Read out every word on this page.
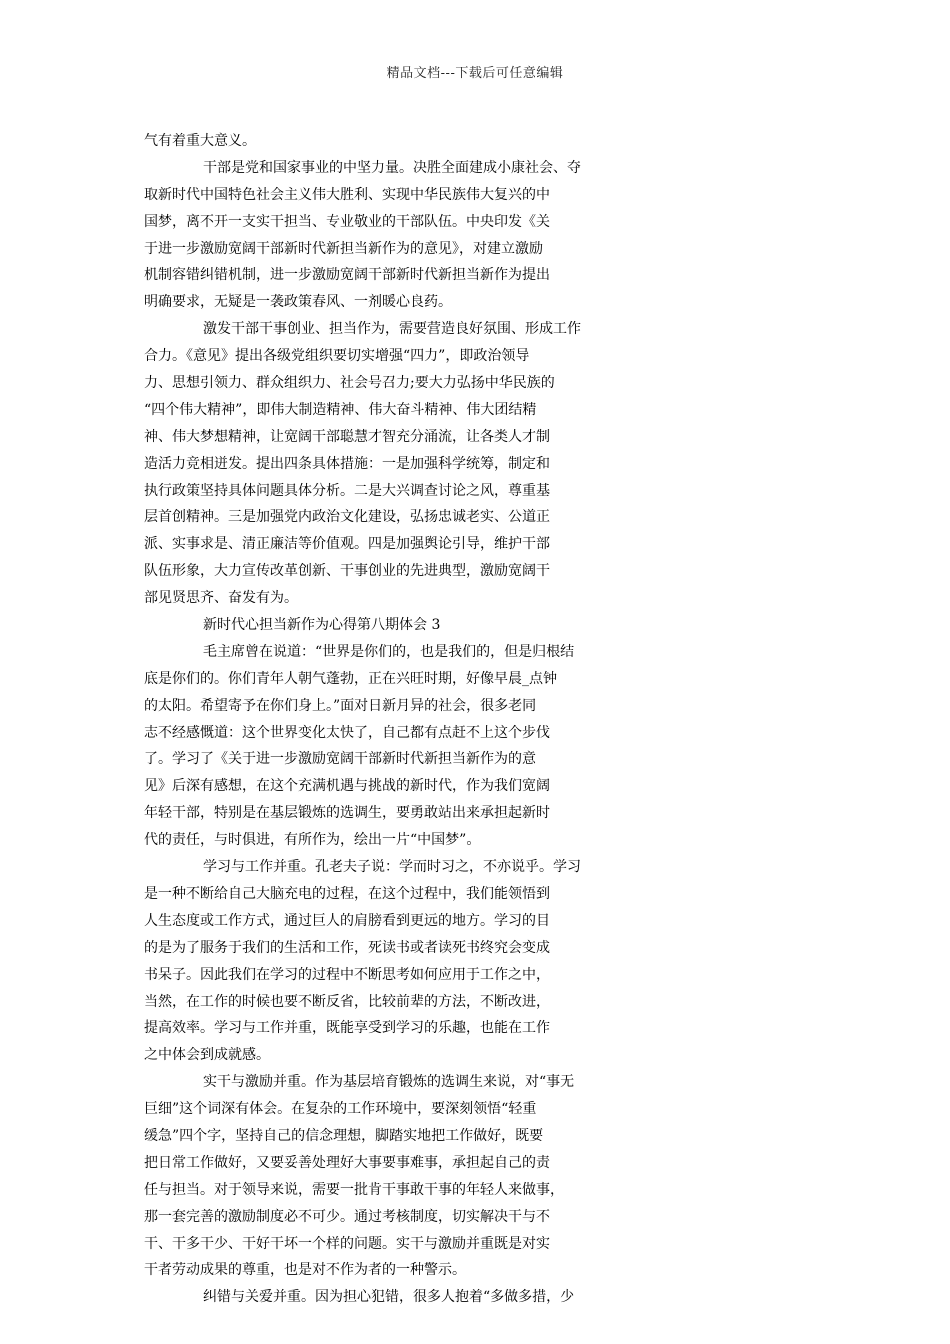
精品文档---下载后可任意编辑
气有着重大意义。
干部是党和国家事业的中坚力量。决胜全面建成小康社会、夺
取新时代中国特色社会主义伟大胜利、实现中华民族伟大复兴的中
国梦，离不开一支实干担当、专业敬业的干部队伍。中央印发《关
于进一步激励宽阔干部新时代新担当新作为的意见》，对建立激励
机制容错纠错机制，进一步激励宽阔干部新时代新担当新作为提出
明确要求，无疑是一袭政策春风、一剂暖心良药。
激发干部干事创业、担当作为，需要营造良好氛围、形成工作
合力。《意见》提出各级党组织要切实增强“四力”，即政治领导
力、思想引领力、群众组织力、社会号召力;要大力弘扬中华民族的
“四个伟大精神”，即伟大制造精神、伟大奋斗精神、伟大团结精
神、伟大梦想精神，让宽阔干部聪慧才智充分涌流，让各类人才制
造活力竞相迸发。提出四条具体措施：一是加强科学统筹，制定和
执行政策坚持具体问题具体分析。二是大兴调查讨论之风，尊重基
层首创精神。三是加强党内政治文化建设，弘扬忠诚老实、公道正
派、实事求是、清正廉洁等价值观。四是加强舆论引导，维护干部
队伍形象，大力宣传改革创新、干事创业的先进典型，激励宽阔干
部见贤思齐、奋发有为。
新时代心担当新作为心得第八期体会 3
毛主席曾在说道：“世界是你们的，也是我们的，但是归根结
底是你们的。你们青年人朝气蓬勃，正在兴旺时期，好像早晨_点钟
的太阳。希望寄予在你们身上。”面对日新月异的社会，很多老同
志不经感慨道：这个世界变化太快了，自己都有点赶不上这个步伐
了。学习了《关于进一步激励宽阔干部新时代新担当新作为的意
见》后深有感想，在这个充满机遇与挑战的新时代，作为我们宽阔
年轻干部，特别是在基层锻炼的选调生，要勇敢站出来承担起新时
代的责任，与时俱进，有所作为，绘出一片“中国梦”。
学习与工作并重。孔老夫子说：学而时习之，不亦说乎。学习
是一种不断给自己大脑充电的过程，在这个过程中，我们能领悟到
人生态度或工作方式，通过巨人的肩膀看到更远的地方。学习的目
的是为了服务于我们的生活和工作，死读书或者读死书终究会变成
书呆子。因此我们在学习的过程中不断思考如何应用于工作之中，
当然，在工作的时候也要不断反省，比较前辈的方法，不断改进，
提高效率。学习与工作并重，既能享受到学习的乐趣，也能在工作
之中体会到成就感。
实干与激励并重。作为基层培育锻炼的选调生来说，对“事无
巨细”这个词深有体会。在复杂的工作环境中，要深刻领悟“轻重
缓急”四个字，坚持自己的信念理想，脚踏实地把工作做好，既要
把日常工作做好，又要妥善处理好大事要事难事，承担起自己的责
任与担当。对于领导来说，需要一批肯干事敢干事的年轻人来做事，
那一套完善的激励制度必不可少。通过考核制度，切实解决干与不
干、干多干少、干好干坏一个样的问题。实干与激励并重既是对实
干者劳动成果的尊重，也是对不作为者的一种警示。
纠错与关爱并重。因为担心犯错，很多人抱着“多做多措，少
